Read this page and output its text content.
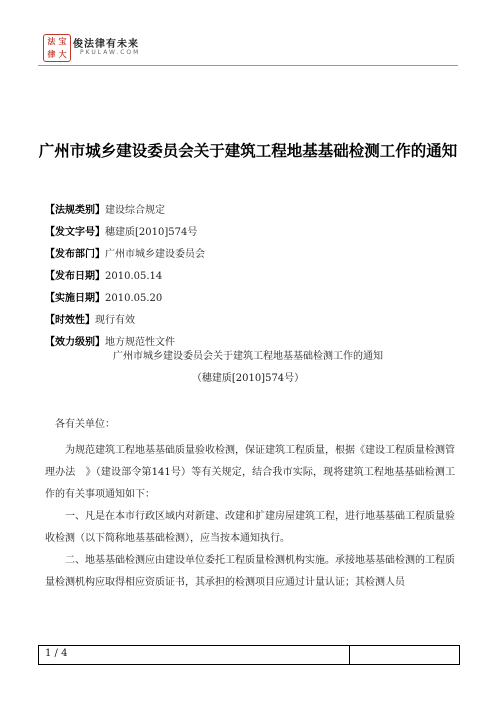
法 宝
律 大
俊法律有未来
PKULAW.COM
广州市城乡建设委员会关于建筑工程地基基础检测工作的通知
【法规类别】建设综合规定
【发文字号】穗建质[2010]574号
【发布部门】广州市城乡建设委员会
【发布日期】2010.05.14
【实施日期】2010.05.20
【时效性】现行有效
【效力级别】地方规范性文件
广州市城乡建设委员会关于建筑工程地基基础检测工作的通知
（穗建质[2010]574号）

各有关单位：

为规范建筑工程地基基础质量验收检测，保证建筑工程质量，根据《建设工程质量检测管理办法　》（建设部令第141号）等有关规定，结合我市实际，现将建筑工程地基基础检测工作的有关事项通知如下：

一、凡是在本市行政区域内对新建、改建和扩建房屋建筑工程，进行地基基础工程质量验收检测（以下简称地基基础检测），应当按本通知执行。

二、地基基础检测应由建设单位委托工程质量检测机构实施。承接地基基础检测的工程质量检测机构应取得相应资质证书，其承担的检测项目应通过计量认证；其检测人员

1 / 4
